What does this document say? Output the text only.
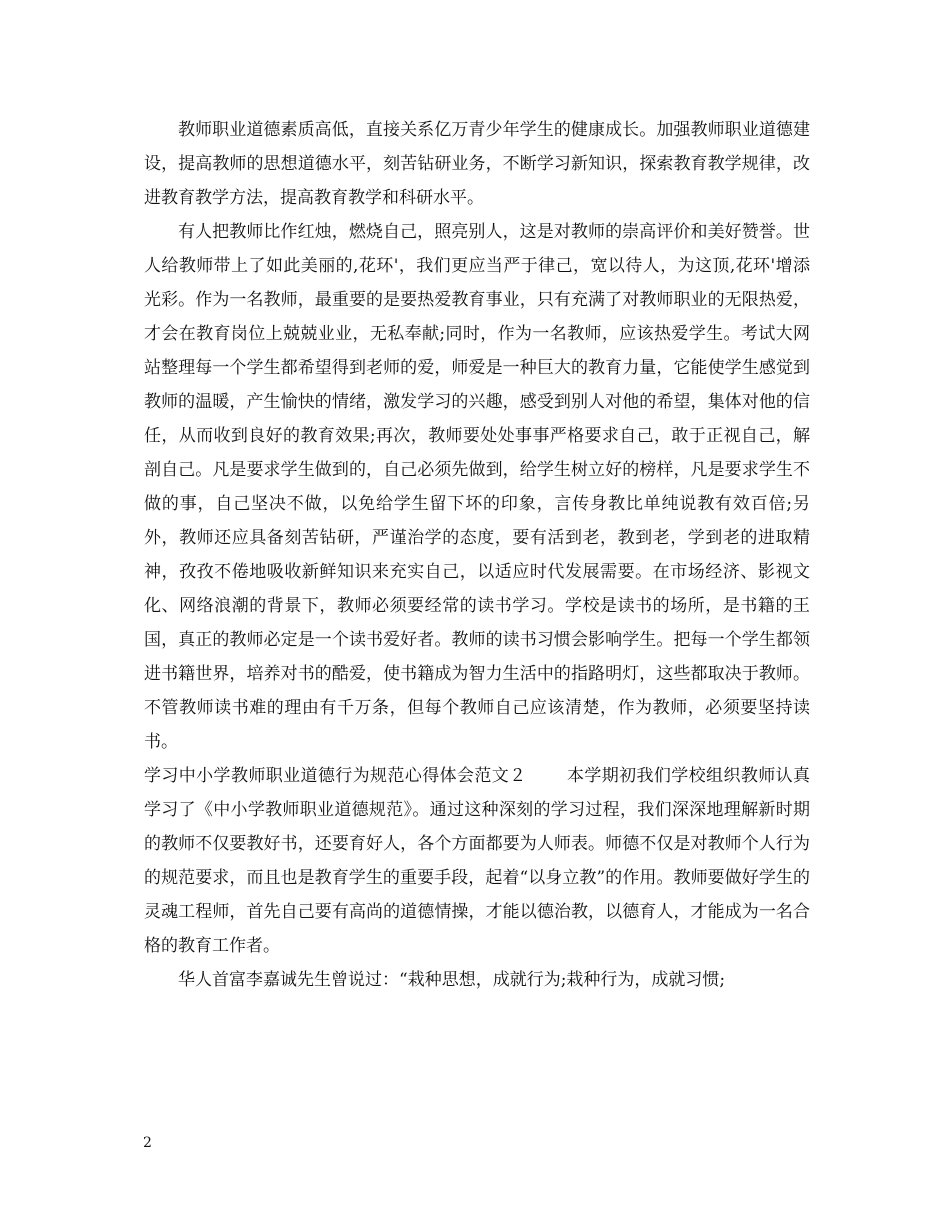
教师职业道德素质高低，直接关系亿万青少年学生的健康成长。加强教师职业道德建设，提高教师的思想道德水平，刻苦钻研业务，不断学习新知识，探索教育教学规律，改进教育教学方法，提高教育教学和科研水平。

有人把教师比作红烛，燃烧自己，照亮别人，这是对教师的崇高评价和美好赞誉。世人给教师带上了如此美丽的,花环'，我们更应当严于律己，宽以待人，为这顶,花环'增添光彩。作为一名教师，最重要的是要热爱教育事业，只有充满了对教师职业的无限热爱，才会在教育岗位上兢兢业业，无私奉献;同时，作为一名教师，应该热爱学生。考试大网站整理每一个学生都希望得到老师的爱，师爱是一种巨大的教育力量，它能使学生感觉到教师的温暖，产生愉快的情绪，激发学习的兴趣，感受到别人对他的希望，集体对他的信任，从而收到良好的教育效果;再次，教师要处处事事严格要求自己，敢于正视自己，解剖自己。凡是要求学生做到的，自己必须先做到，给学生树立好的榜样，凡是要求学生不做的事，自己坚决不做，以免给学生留下坏的印象，言传身教比单纯说教有效百倍;另外，教师还应具备刻苦钻研，严谨治学的态度，要有活到老，教到老，学到老的进取精神，孜孜不倦地吸收新鲜知识来充实自己，以适应时代发展需要。在市场经济、影视文化、网络浪潮的背景下，教师必须要经常的读书学习。学校是读书的场所，是书籍的王国，真正的教师必定是一个读书爱好者。教师的读书习惯会影响学生。把每一个学生都领进书籍世界，培养对书的酷爱，使书籍成为智力生活中的指路明灯，这些都取决于教师。不管教师读书难的理由有千万条，但每个教师自己应该清楚，作为教师，必须要坚持读书。

学习中小学教师职业道德行为规范心得体会范文２ 本学期初我们学校组织教师认真学习了《中小学教师职业道德规范》。通过这种深刻的学习过程，我们深深地理解新时期的教师不仅要教好书，还要育好人，各个方面都要为人师表。师德不仅是对教师个人行为的规范要求，而且也是教育学生的重要手段，起着“以身立教”的作用。教师要做好学生的灵魂工程师，首先自己要有高尚的道德情操，才能以德治教，以德育人，才能成为一名合格的教育工作者。

华人首富李嘉诚先生曾说过：“栽种思想，成就行为;栽种行为，成就习惯;

2
